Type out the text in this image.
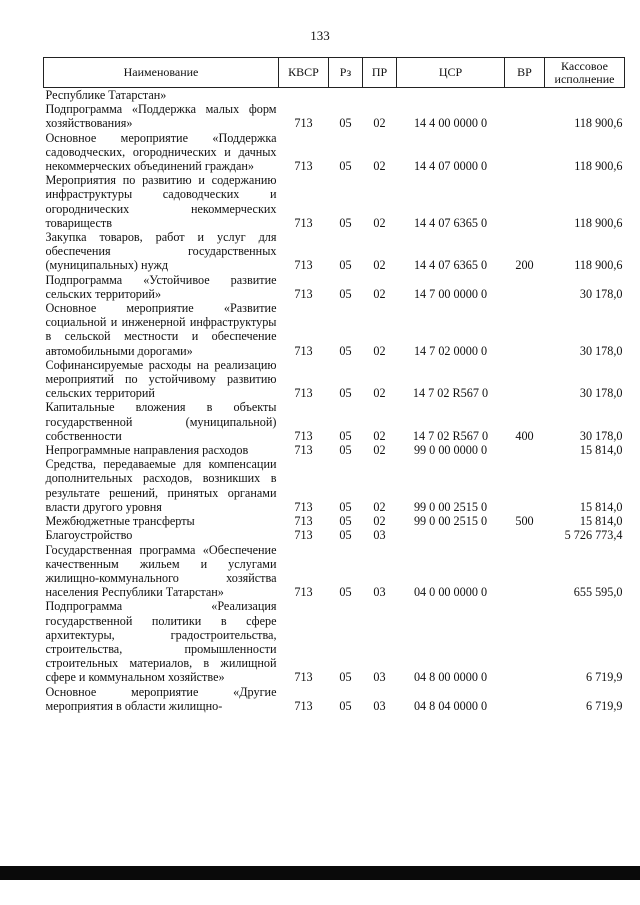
133
Наименование	КВСР	Рз	ПР	ЦСР	ВР	Кассовое исполнение
Республике Татарстан»						
Подпрограмма «Поддержка малых форм хозяйствования»	713	05	02	14 4 00 0000 0		118 900,6
Основное мероприятие «Поддержка садоводческих, огороднических и дачных некоммерческих объединений граждан»	713	05	02	14 4 07 0000 0		118 900,6
Мероприятия по развитию и содержанию инфраструктуры садоводческих и огороднических некоммерческих товариществ	713	05	02	14 4 07 6365 0		118 900,6
Закупка товаров, работ и услуг для обеспечения государственных (муниципальных) нужд	713	05	02	14 4 07 6365 0	200	118 900,6
Подпрограмма «Устойчивое развитие сельских территорий»	713	05	02	14 7 00 0000 0		30 178,0
Основное мероприятие «Развитие социальной и инженерной инфраструктуры в сельской местности и обеспечение автомобильными дорогами»	713	05	02	14 7 02 0000 0		30 178,0
Софинансируемые расходы на реализацию мероприятий по устойчивому развитию сельских территорий	713	05	02	14 7 02 R567 0		30 178,0
Капитальные вложения в объекты государственной (муниципальной) собственности	713	05	02	14 7 02 R567 0	400	30 178,0
Непрограммные направления расходов	713	05	02	99 0 00 0000 0		15 814,0
Средства, передаваемые для компенсации дополнительных расходов, возникших в результате решений, принятых органами власти другого уровня	713	05	02	99 0 00 2515 0		15 814,0
Межбюджетные трансферты	713	05	02	99 0 00 2515 0	500	15 814,0
Благоустройство	713	05	03			5 726 773,4
Государственная программа «Обеспечение качественным жильем и услугами жилищно-коммунального хозяйства населения Республики Татарстан»	713	05	03	04 0 00 0000 0		655 595,0
Подпрограмма «Реализация государственной политики в сфере архитектуры, градостроительства, строительства, промышленности строительных материалов, в жилищной сфере и коммунальном хозяйстве»	713	05	03	04 8 00 0000 0		6 719,9
Основное мероприятие «Другие мероприятия в области жилищно-	713	05	03	04 8 04 0000 0		6 719,9
